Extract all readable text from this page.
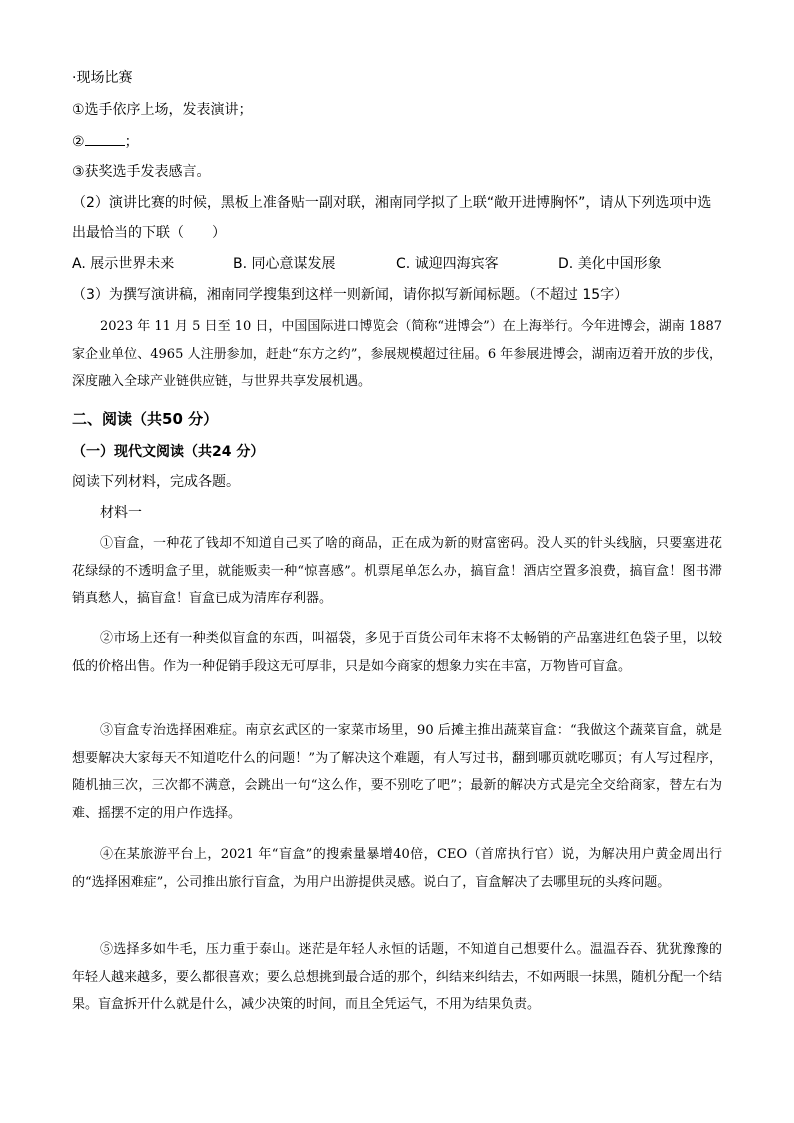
·现场比赛
①选手依序上场，发表演讲；
②	；
③获奖选手发表感言。
（2）演讲比赛的时候，黑板上准备贴一副对联，湘南同学拟了上联“敞开进博胸怀”，请从下列选项中选
出最恰当的下联（　　）
A. 展示世界未来	B. 同心意谋发展	C. 诚迎四海宾客	D. 美化中国形象
（3）为撰写演讲稿，湘南同学搜集到这样一则新闻，请你拟写新闻标题。（不超过 15字）
2023 年 11 月 5 日至 10 日，中国国际进口博览会（简称“进博会”）在上海举行。今年进博会，湖南 1887 家企业单位、4965 人注册参加，赶赴“东方之约”，参展规模超过往届。6 年参展进博会，湖南迈着开放的步伐，深度融入全球产业链供应链，与世界共享发展机遇。
二、阅读（共50 分）
（一）现代文阅读（共24 分）
阅读下列材料，完成各题。
材料一
①盲盒，一种花了钱却不知道自己买了啥的商品，正在成为新的财富密码。没人买的针头线脑，只要塞进花花绿绿的不透明盒子里，就能贩卖一种“惊喜感”。机票尾单怎么办，搞盲盒！酒店空置多浪费，搞盲盒！图书滞销真愁人，搞盲盒！盲盒已成为清库存利器。
②市场上还有一种类似盲盒的东西，叫福袋，多见于百货公司年末将不太畅销的产品塞进红色袋子里，以较低的价格出售。作为一种促销手段这无可厚非，只是如今商家的想象力实在丰富，万物皆可盲盒。
③盲盒专治选择困难症。南京玄武区的一家菜市场里，90 后摊主推出蔬菜盲盒：“我做这个蔬菜盲盒，就是想要解决大家每天不知道吃什么的问题！”为了解决这个难题，有人写过书，翻到哪页就吃哪页；有人写过程序，随机抽三次，三次都不满意，会跳出一句“这么作，要不别吃了吧”；最新的解决方式是完全交给商家，替左右为难、摇摆不定的用户作选择。
④在某旅游平台上，2021 年“盲盒”的搜索量暴增40倍，CEO（首席执行官）说，为解决用户黄金周出行的“选择困难症”，公司推出旅行盲盒，为用户出游提供灵感。说白了，盲盒解决了去哪里玩的头疼问题。
⑤选择多如牛毛，压力重于泰山。迷茫是年轻人永恒的话题，不知道自己想要什么。温温吞吞、犹犹豫豫的年轻人越来越多，要么都很喜欢；要么总想挑到最合适的那个，纠结来纠结去，不如两眼一抹黑，随机分配一个结果。盲盒拆开什么就是什么，减少决策的时间，而且全凭运气，不用为结果负责。
